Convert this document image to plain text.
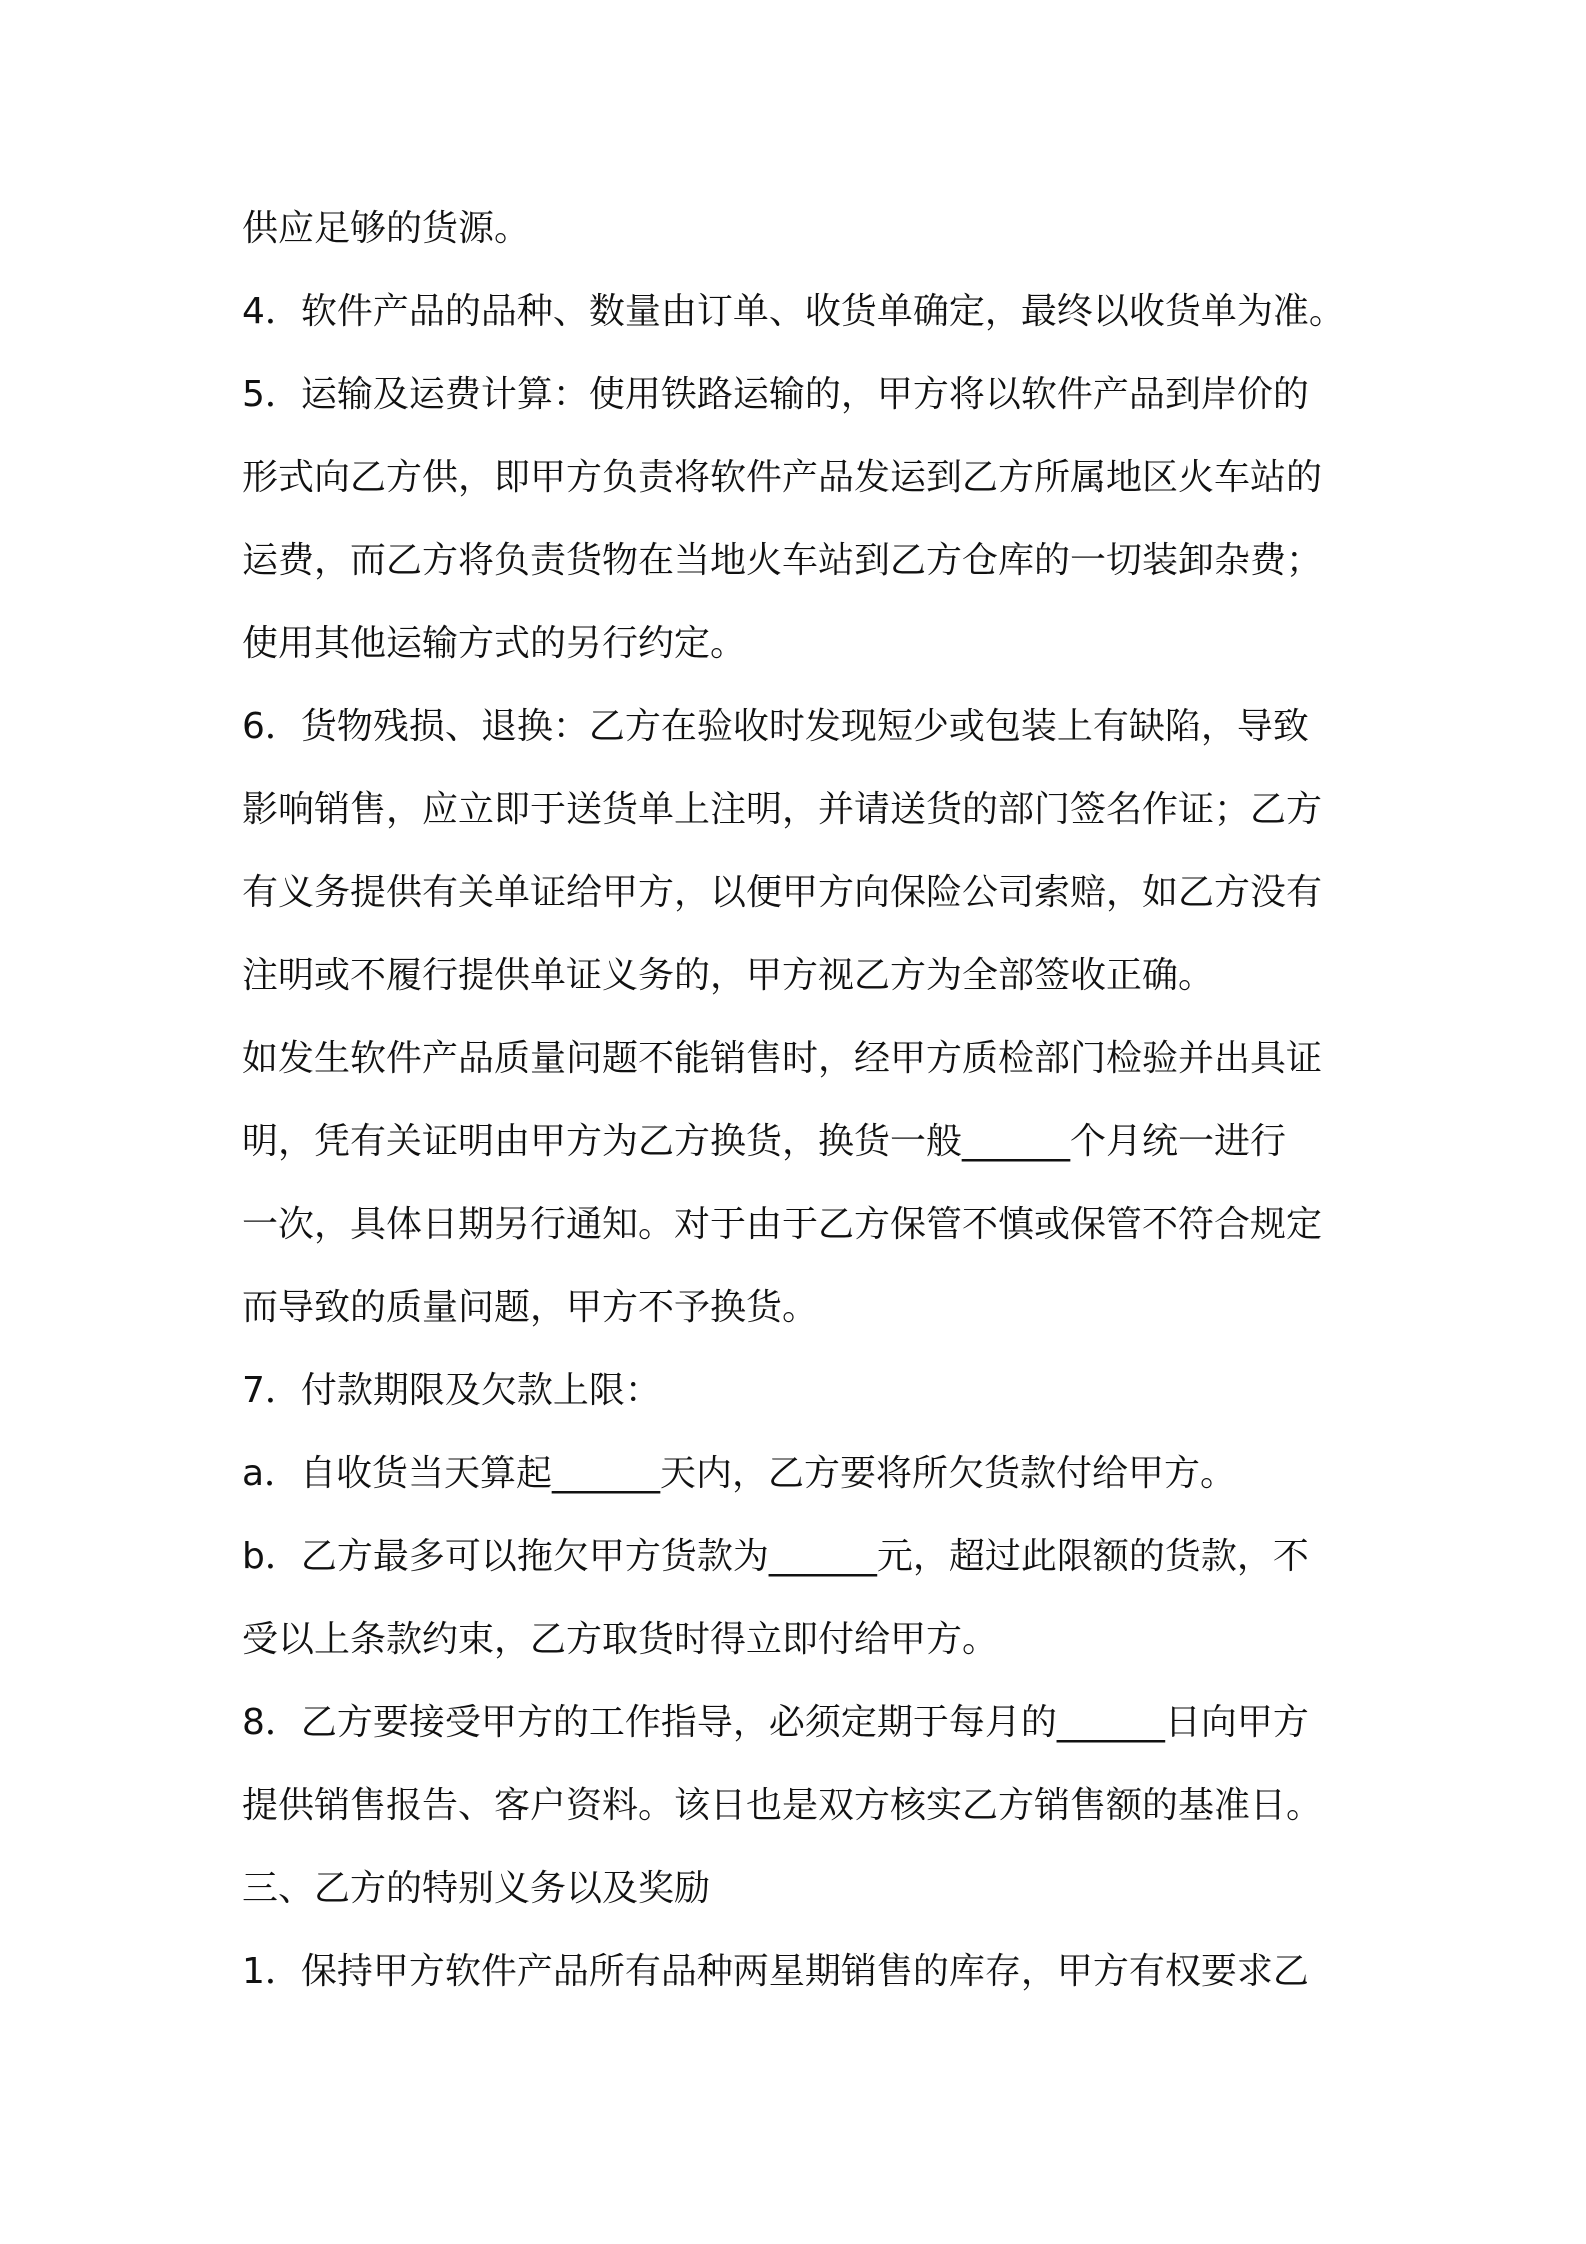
供应足够的货源。
4．软件产品的品种、数量由订单、收货单确定，最终以收货单为准。
5．运输及运费计算：使用铁路运输的，甲方将以软件产品到岸价的
形式向乙方供，即甲方负责将软件产品发运到乙方所属地区火车站的
运费，而乙方将负责货物在当地火车站到乙方仓库的一切装卸杂费；
使用其他运输方式的另行约定。
6．货物残损、退换：乙方在验收时发现短少或包装上有缺陷，导致
影响销售，应立即于送货单上注明，并请送货的部门签名作证；乙方
有义务提供有关单证给甲方，以便甲方向保险公司索赔，如乙方没有
注明或不履行提供单证义务的，甲方视乙方为全部签收正确。
如发生软件产品质量问题不能销售时，经甲方质检部门检验并出具证
明，凭有关证明由甲方为乙方换货，换货一般______个月统一进行
一次，具体日期另行通知。对于由于乙方保管不慎或保管不符合规定
而导致的质量问题，甲方不予换货。
7．付款期限及欠款上限：
a．自收货当天算起______天内，乙方要将所欠货款付给甲方。
b．乙方最多可以拖欠甲方货款为______元，超过此限额的货款，不
受以上条款约束，乙方取货时得立即付给甲方。
8．乙方要接受甲方的工作指导，必须定期于每月的______日向甲方
提供销售报告、客户资料。该日也是双方核实乙方销售额的基准日。
三、乙方的特别义务以及奖励
1．保持甲方软件产品所有品种两星期销售的库存，甲方有权要求乙
